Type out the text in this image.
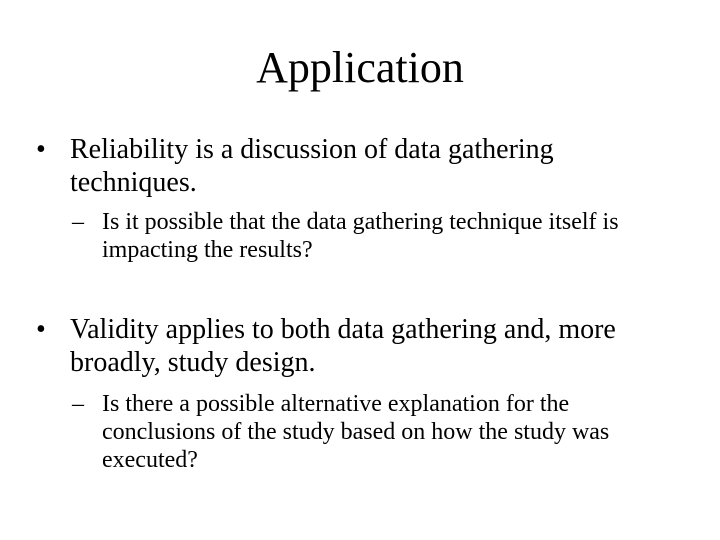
Application
• Reliability is a discussion of data gathering techniques.
– Is it possible that the data gathering technique itself is impacting the results?
• Validity applies to both data gathering and, more broadly, study design.
– Is there a possible alternative explanation for the conclusions of the study based on how the study was executed?
